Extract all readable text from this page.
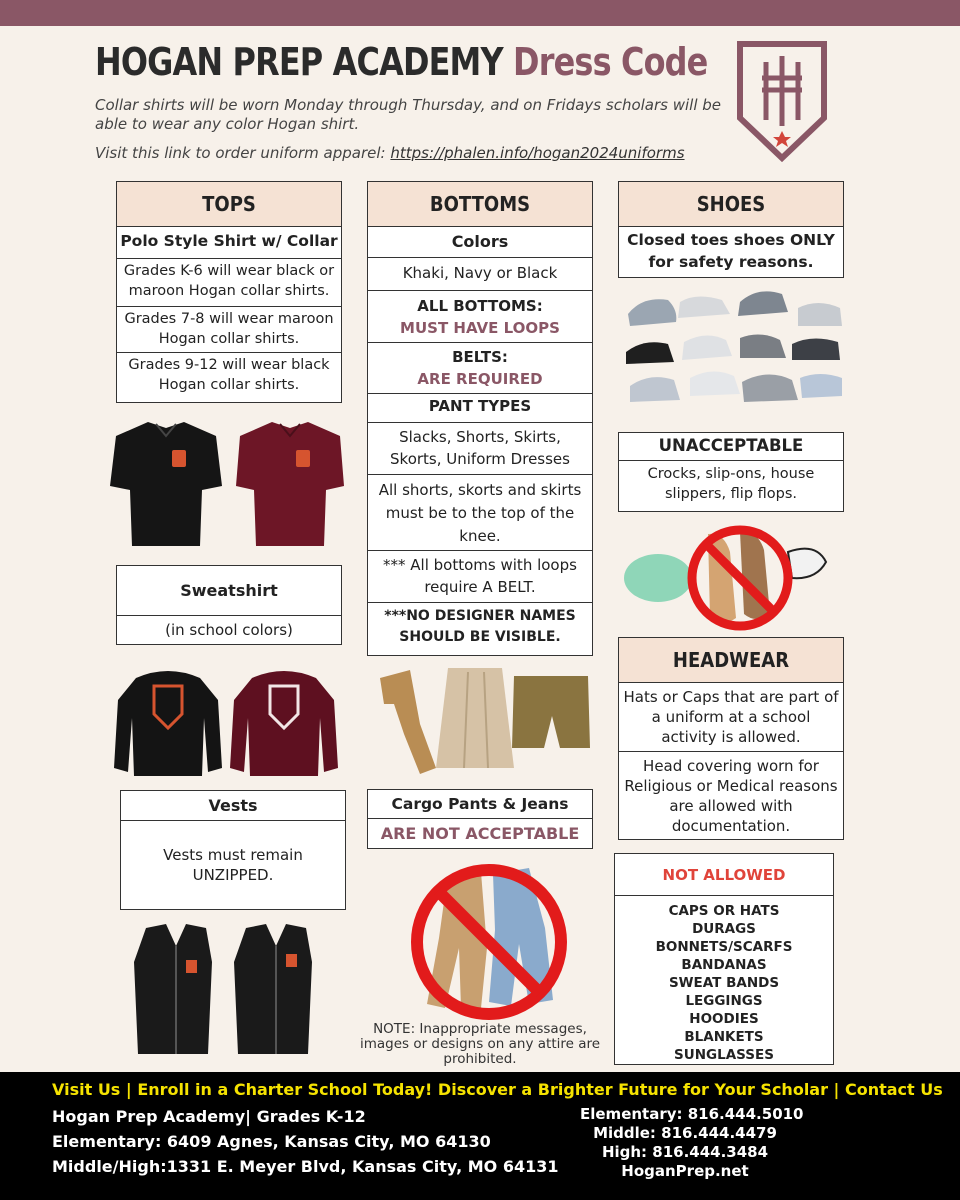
HOGAN PREP ACADEMY Dress Code
Collar shirts will be worn Monday through Thursday, and on Fridays scholars will be able to wear any color Hogan shirt.
Visit this link to order uniform apparel: https://phalen.info/hogan2024uniforms
TOPS
Polo Style Shirt w/ Collar
Grades K-6 will wear black or maroon Hogan collar shirts.
Grades 7-8 will wear maroon Hogan collar shirts.
Grades 9-12 will wear black Hogan collar shirts.
Sweatshirt
(in school colors)
Vests
Vests must remain UNZIPPED.
BOTTOMS
Colors
Khaki, Navy or Black
ALL BOTTOMS:
MUST HAVE LOOPS
BELTS:
ARE REQUIRED
PANT TYPES
Slacks, Shorts, Skirts, Skorts, Uniform Dresses
All shorts, skorts and skirts must be to the top of the knee.
*** All bottoms with loops require A BELT.
***NO DESIGNER NAMES SHOULD BE VISIBLE.
Cargo Pants & Jeans
ARE NOT ACCEPTABLE
NOTE: Inappropriate messages, images or designs on any attire are prohibited.
SHOES
Closed toes shoes ONLY for safety reasons.
UNACCEPTABLE
Crocks, slip-ons, house slippers, flip flops.
HEADWEAR
Hats or Caps that are part of a uniform at a school activity is allowed.
Head covering worn for Religious or Medical reasons are allowed with documentation.
NOT ALLOWED
CAPS OR HATS
DURAGS
BONNETS/SCARFS
BANDANAS
SWEAT BANDS
LEGGINGS
HOODIES
BLANKETS
SUNGLASSES
Visit Us | Enroll in a Charter School Today! Discover a Brighter Future for Your Scholar | Contact Us
Hogan Prep Academy| Grades K-12
Elementary: 6409 Agnes, Kansas City, MO 64130
Middle/High:1331 E. Meyer Blvd, Kansas City, MO 64131
Elementary: 816.444.5010
Middle: 816.444.4479
High: 816.444.3484
HoganPrep.net
